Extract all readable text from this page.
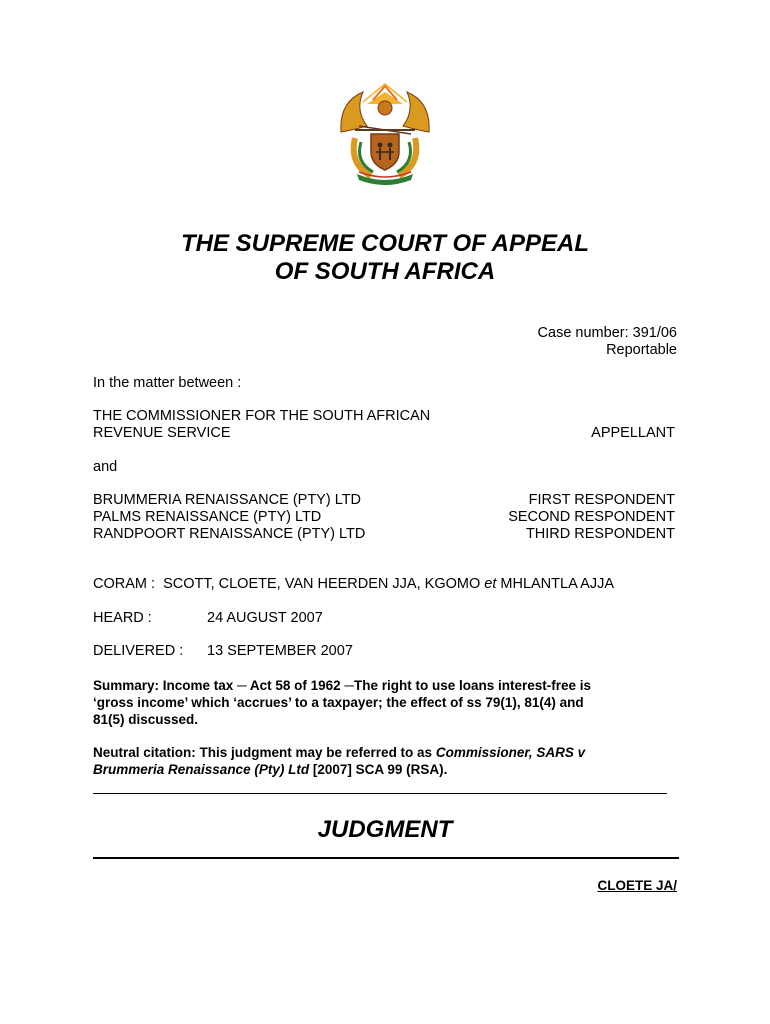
THE SUPREME COURT OF APPEAL
OF SOUTH AFRICA
Case number: 391/06
Reportable
In the matter between :
THE COMMISSIONER FOR THE SOUTH AFRICAN
REVENUE SERVICE	APPELLANT
and
BRUMMERIA RENAISSANCE (PTY) LTD	FIRST RESPONDENT
PALMS RENAISSANCE (PTY) LTD	SECOND RESPONDENT
RANDPOORT RENAISSANCE (PTY) LTD	THIRD RESPONDENT
CORAM : SCOTT, CLOETE, VAN HEERDEN JJA, KGOMO et MHLANTLA AJJA
HEARD :	24 AUGUST 2007
DELIVERED : 13 SEPTEMBER 2007
Summary: Income tax ─ Act 58 of 1962 ─The right to use loans interest-free is
‘gross income’ which ‘accrues’ to a taxpayer; the effect of ss 79(1), 81(4) and
81(5) discussed.
Neutral citation: This judgment may be referred to as Commissioner, SARS v
Brummeria Renaissance (Pty) Ltd [2007] SCA 99 (RSA).
JUDGMENT
CLOETE JA/
